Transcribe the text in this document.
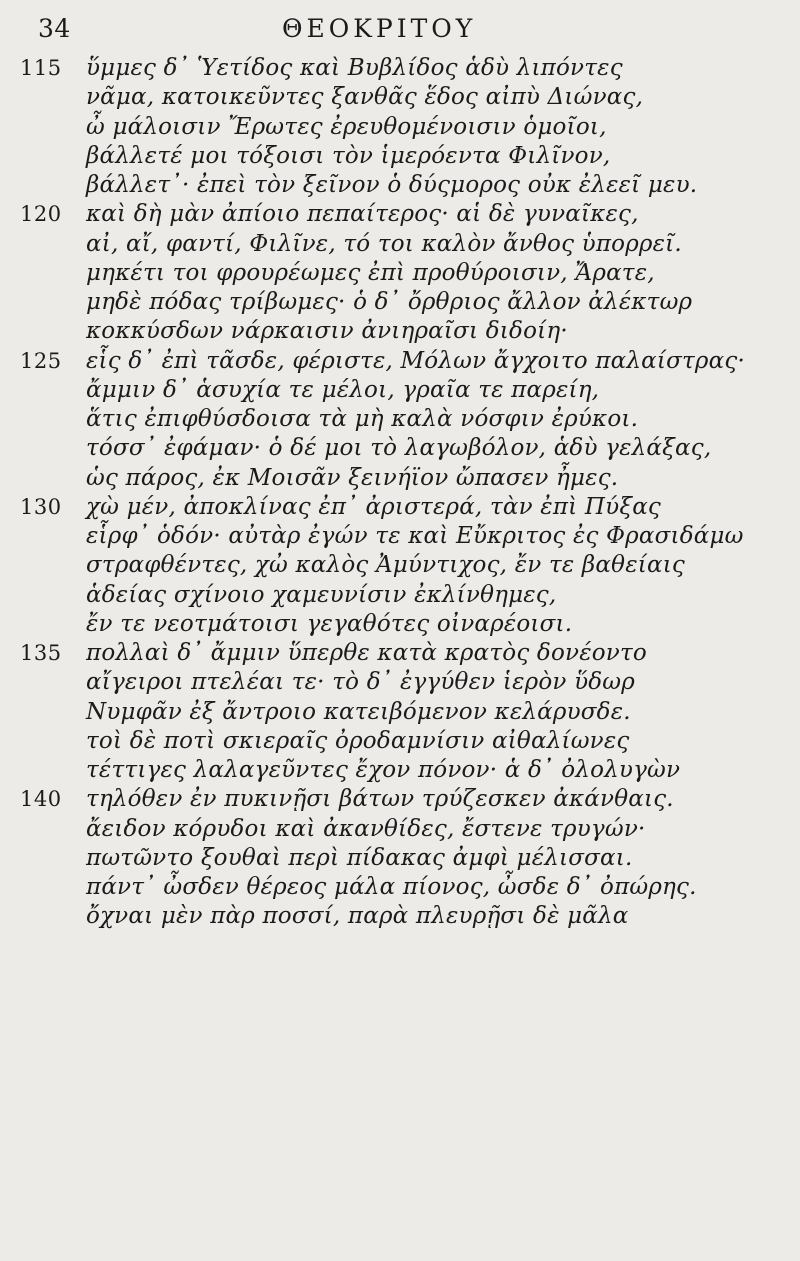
34	ΘΕΟΚΡΙΤΟΥ
115 ὕμμες δ᾽ Ὑετίδος καὶ Βυβλίδος ἁδὺ λιπόντες
νᾶμα, κατοικεῦντες ξανθᾶς ἕδος αἰπὺ Διώνας,
ὦ μάλοισιν Ἔρωτες ἐρευθομένοισιν ὁμοῖοι,
βάλλετέ μοι τόξοισι τὸν ἱμερόεντα Φιλῖνον,
βάλλετ᾽· ἐπεὶ τὸν ξεῖνον ὁ δύςμορος οὐκ ἐλεεῖ μευ.
120 καὶ δὴ μὰν ἀπίοιο πεπαίτερος· αἱ δὲ γυναῖκες,
αἰ, αἴ, φαντί, Φιλῖνε, τό τοι καλὸν ἄνθος ὑπορρεῖ.
μηκέτι τοι φρουρέωμες ἐπὶ προθύροισιν, Ἄρατε,
μηδὲ πόδας τρίβωμες· ὁ δ᾽ ὄρθριος ἄλλον ἀλέκτωρ
κοκκύσδων νάρκαισιν ἀνιηραῖσι διδοίη·
125 εἷς δ᾽ ἐπὶ τᾶσδε, φέριστε, Μόλων ἄγχοιτο παλαίστρας·
ἄμμιν δ᾽ ἁσυχία τε μέλοι, γραῖα τε παρείη,
ἅτις ἐπιφθύσδοισα τὰ μὴ καλὰ νόσφιν ἐρύκοι.
τόσσ᾽ ἐφάμαν· ὁ δέ μοι τὸ λαγωβόλον, ἁδὺ γελάξας,
ὡς πάρος, ἐκ Μοισᾶν ξεινήϊον ὤπασεν ἦμες.
130 χὼ μέν, ἀποκλίνας ἐπ᾽ ἀριστερά, τὰν ἐπὶ Πύξας
εἷρφ᾽ ὁδόν· αὐτὰρ ἐγών τε καὶ Εὔκριτος ἐς Φρασιδάμω
στραφθέντες, χὠ καλὸς Ἀμύντιχος, ἔν τε βαθείαις
ἁδείας σχίνοιο χαμευνίσιν ἐκλίνθημες,
ἔν τε νεοτμάτοισι γεγαθότες οἰναρέοισι.
135 πολλαὶ δ᾽ ἄμμιν ὕπερθε κατὰ κρατὸς δονέοντο
αἴγειροι πτελέαι τε· τὸ δ᾽ ἐγγύθεν ἱερὸν ὕδωρ
Νυμφᾶν ἐξ ἄντροιο κατειβόμενον κελάρυσδε.
τοὶ δὲ ποτὶ σκιεραῖς ὀροδαμνίσιν αἰθαλίωνες
τέττιγες λαλαγεῦντες ἔχον πόνον· ἁ δ᾽ ὀλολυγὼν
140 τηλόθεν ἐν πυκινῇσι βάτων τρύζεσκεν ἀκάνθαις.
ἄειδον κόρυδοι καὶ ἀκανθίδες, ἔστενε τρυγών·
πωτῶντο ξουθαὶ περὶ πίδακας ἀμφὶ μέλισσαι.
πάντ᾽ ὦσδεν θέρεος μάλα πίονος, ὦσδε δ᾽ ὀπώρης.
ὄχναι μὲν πὰρ ποσσί, παρὰ πλευρῇσι δὲ μᾶλα
